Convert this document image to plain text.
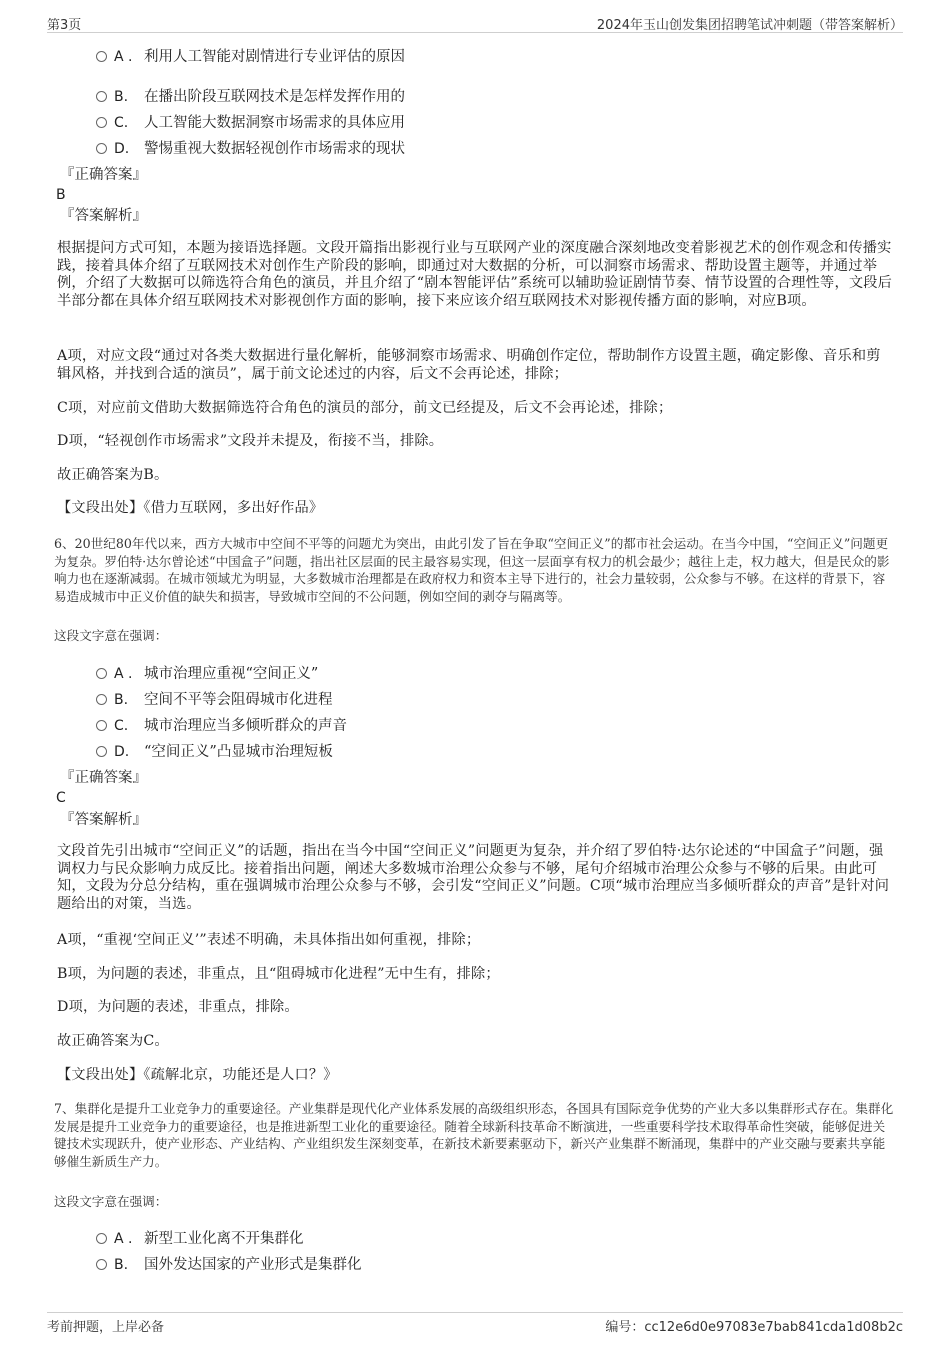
第3页	2024年玉山创发集团招聘笔试冲刺题（带答案解析）
A . 利用人工智能对剧情进行专业评估的原因
B. 在播出阶段互联网技术是怎样发挥作用的
C. 人工智能大数据洞察市场需求的具体应用
D. 警惕重视大数据轻视创作市场需求的现状
『正确答案』
B
『答案解析』
根据提问方式可知，本题为接语选择题。文段开篇指出影视行业与互联网产业的深度融合深刻地改变着影视艺术的创作观念和传播实践，接着具体介绍了互联网技术对创作生产阶段的影响，即通过对大数据的分析，可以洞察市场需求、帮助设置主题等，并通过举例，介绍了大数据可以筛选符合角色的演员，并且介绍了“剧本智能评估”系统可以辅助验证剧情节奏、情节设置的合理性等，文段后半部分都在具体介绍互联网技术对影视创作方面的影响，接下来应该介绍互联网技术对影视传播方面的影响，对应B项。
A项，对应文段“通过对各类大数据进行量化解析，能够洞察市场需求、明确创作定位，帮助制作方设置主题，确定影像、音乐和剪辑风格，并找到合适的演员”，属于前文论述过的内容，后文不会再论述，排除；
C项，对应前文借助大数据筛选符合角色的演员的部分，前文已经提及，后文不会再论述，排除；
D项，“轻视创作市场需求”文段并未提及，衔接不当，排除。
故正确答案为B。
【文段出处】《借力互联网，多出好作品》
6、20世纪80年代以来，西方大城市中空间不平等的问题尤为突出，由此引发了旨在争取“空间正义”的都市社会运动。在当今中国，“空间正义”问题更为复杂。罗伯特·达尔曾论述“中国盒子”问题，指出社区层面的民主最容易实现，但这一层面享有权力的机会最少；越往上走，权力越大，但是民众的影响力也在逐渐减弱。在城市领域尤为明显，大多数城市治理都是在政府权力和资本主导下进行的，社会力量较弱，公众参与不够。在这样的背景下，容易造成城市中正义价值的缺失和损害，导致城市空间的不公问题，例如空间的剥夺与隔离等。
这段文字意在强调：
A . 城市治理应重视“空间正义”
B. 空间不平等会阻碍城市化进程
C. 城市治理应当多倾听群众的声音
D. “空间正义”凸显城市治理短板
『正确答案』
C
『答案解析』
文段首先引出城市“空间正义”的话题，指出在当今中国“空间正义”问题更为复杂，并介绍了罗伯特·达尔论述的“中国盒子”问题，强调权力与民众影响力成反比。接着指出问题，阐述大多数城市治理公众参与不够，尾句介绍城市治理公众参与不够的后果。由此可知，文段为分总分结构，重在强调城市治理公众参与不够，会引发“空间正义”问题。C项“城市治理应当多倾听群众的声音”是针对问题给出的对策，当选。
A项，“重视‘空间正义’”表述不明确，未具体指出如何重视，排除；
B项，为问题的表述，非重点，且“阻碍城市化进程”无中生有，排除；
D项，为问题的表述，非重点，排除。
故正确答案为C。
【文段出处】《疏解北京，功能还是人口？》
7、集群化是提升工业竞争力的重要途径。产业集群是现代化产业体系发展的高级组织形态，各国具有国际竞争优势的产业大多以集群形式存在。集群化发展是提升工业竞争力的重要途径，也是推进新型工业化的重要途径。随着全球新科技革命不断演进，一些重要科学技术取得革命性突破，能够促进关键技术实现跃升，使产业形态、产业结构、产业组织发生深刻变革，在新技术新要素驱动下，新兴产业集群不断涌现，集群中的产业交融与要素共享能够催生新质生产力。
这段文字意在强调：
A . 新型工业化离不开集群化
B. 国外发达国家的产业形式是集群化
考前押题，上岸必备	编号：cc12e6d0e97083e7bab841cda1d08b2c
